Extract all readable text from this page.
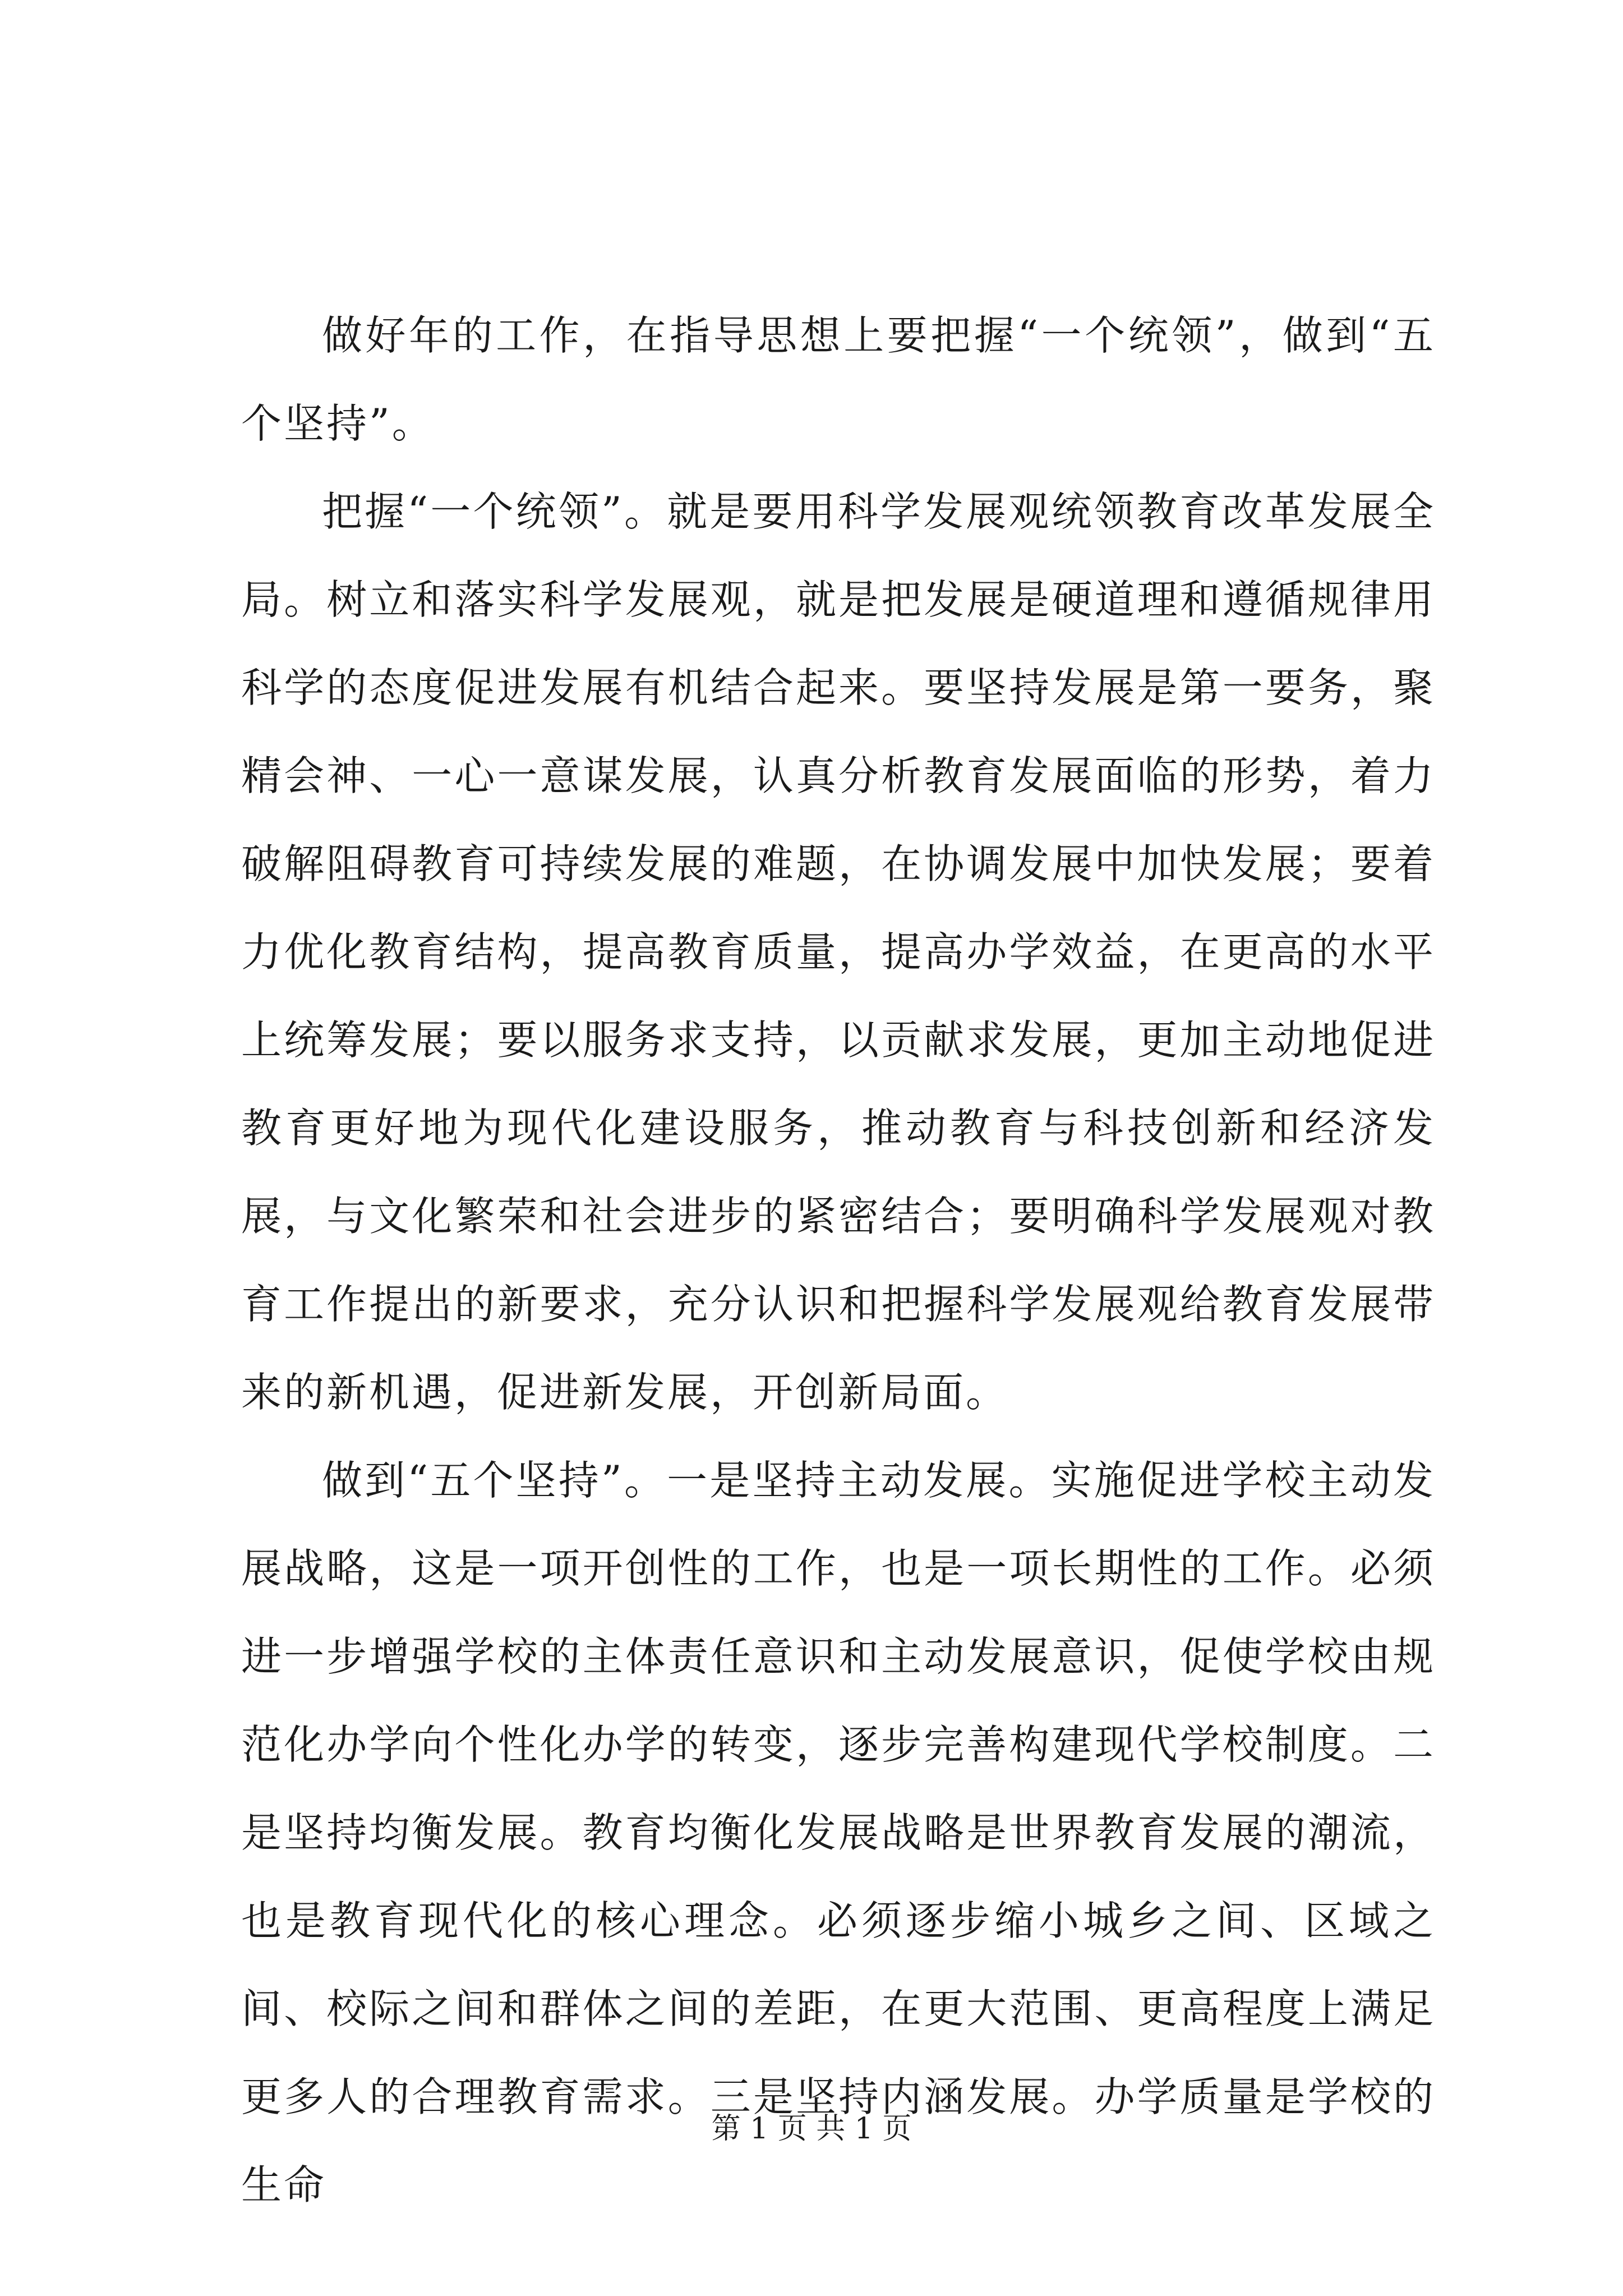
做好年的工作，在指导思想上要把握“一个统领”，做到“五个坚持”。

把握“一个统领”。就是要用科学发展观统领教育改革发展全局。树立和落实科学发展观，就是把发展是硬道理和遵循规律用科学的态度促进发展有机结合起来。要坚持发展是第一要务，聚精会神、一心一意谋发展，认真分析教育发展面临的形势，着力破解阻碍教育可持续发展的难题，在协调发展中加快发展；要着力优化教育结构，提高教育质量，提高办学效益，在更高的水平上统筹发展；要以服务求支持，以贡献求发展，更加主动地促进教育更好地为现代化建设服务，推动教育与科技创新和经济发展，与文化繁荣和社会进步的紧密结合；要明确科学发展观对教育工作提出的新要求，充分认识和把握科学发展观给教育发展带来的新机遇，促进新发展，开创新局面。

做到“五个坚持”。一是坚持主动发展。实施促进学校主动发展战略，这是一项开创性的工作，也是一项长期性的工作。必须进一步增强学校的主体责任意识和主动发展意识，促使学校由规范化办学向个性化办学的转变，逐步完善构建现代学校制度。二是坚持均衡发展。教育均衡化发展战略是世界教育发展的潮流，也是教育现代化的核心理念。必须逐步缩小城乡之间、区域之间、校际之间和群体之间的差距，在更大范围、更高程度上满足更多人的合理教育需求。三是坚持内涵发展。办学质量是学校的生命

第 1 页 共 1 页
